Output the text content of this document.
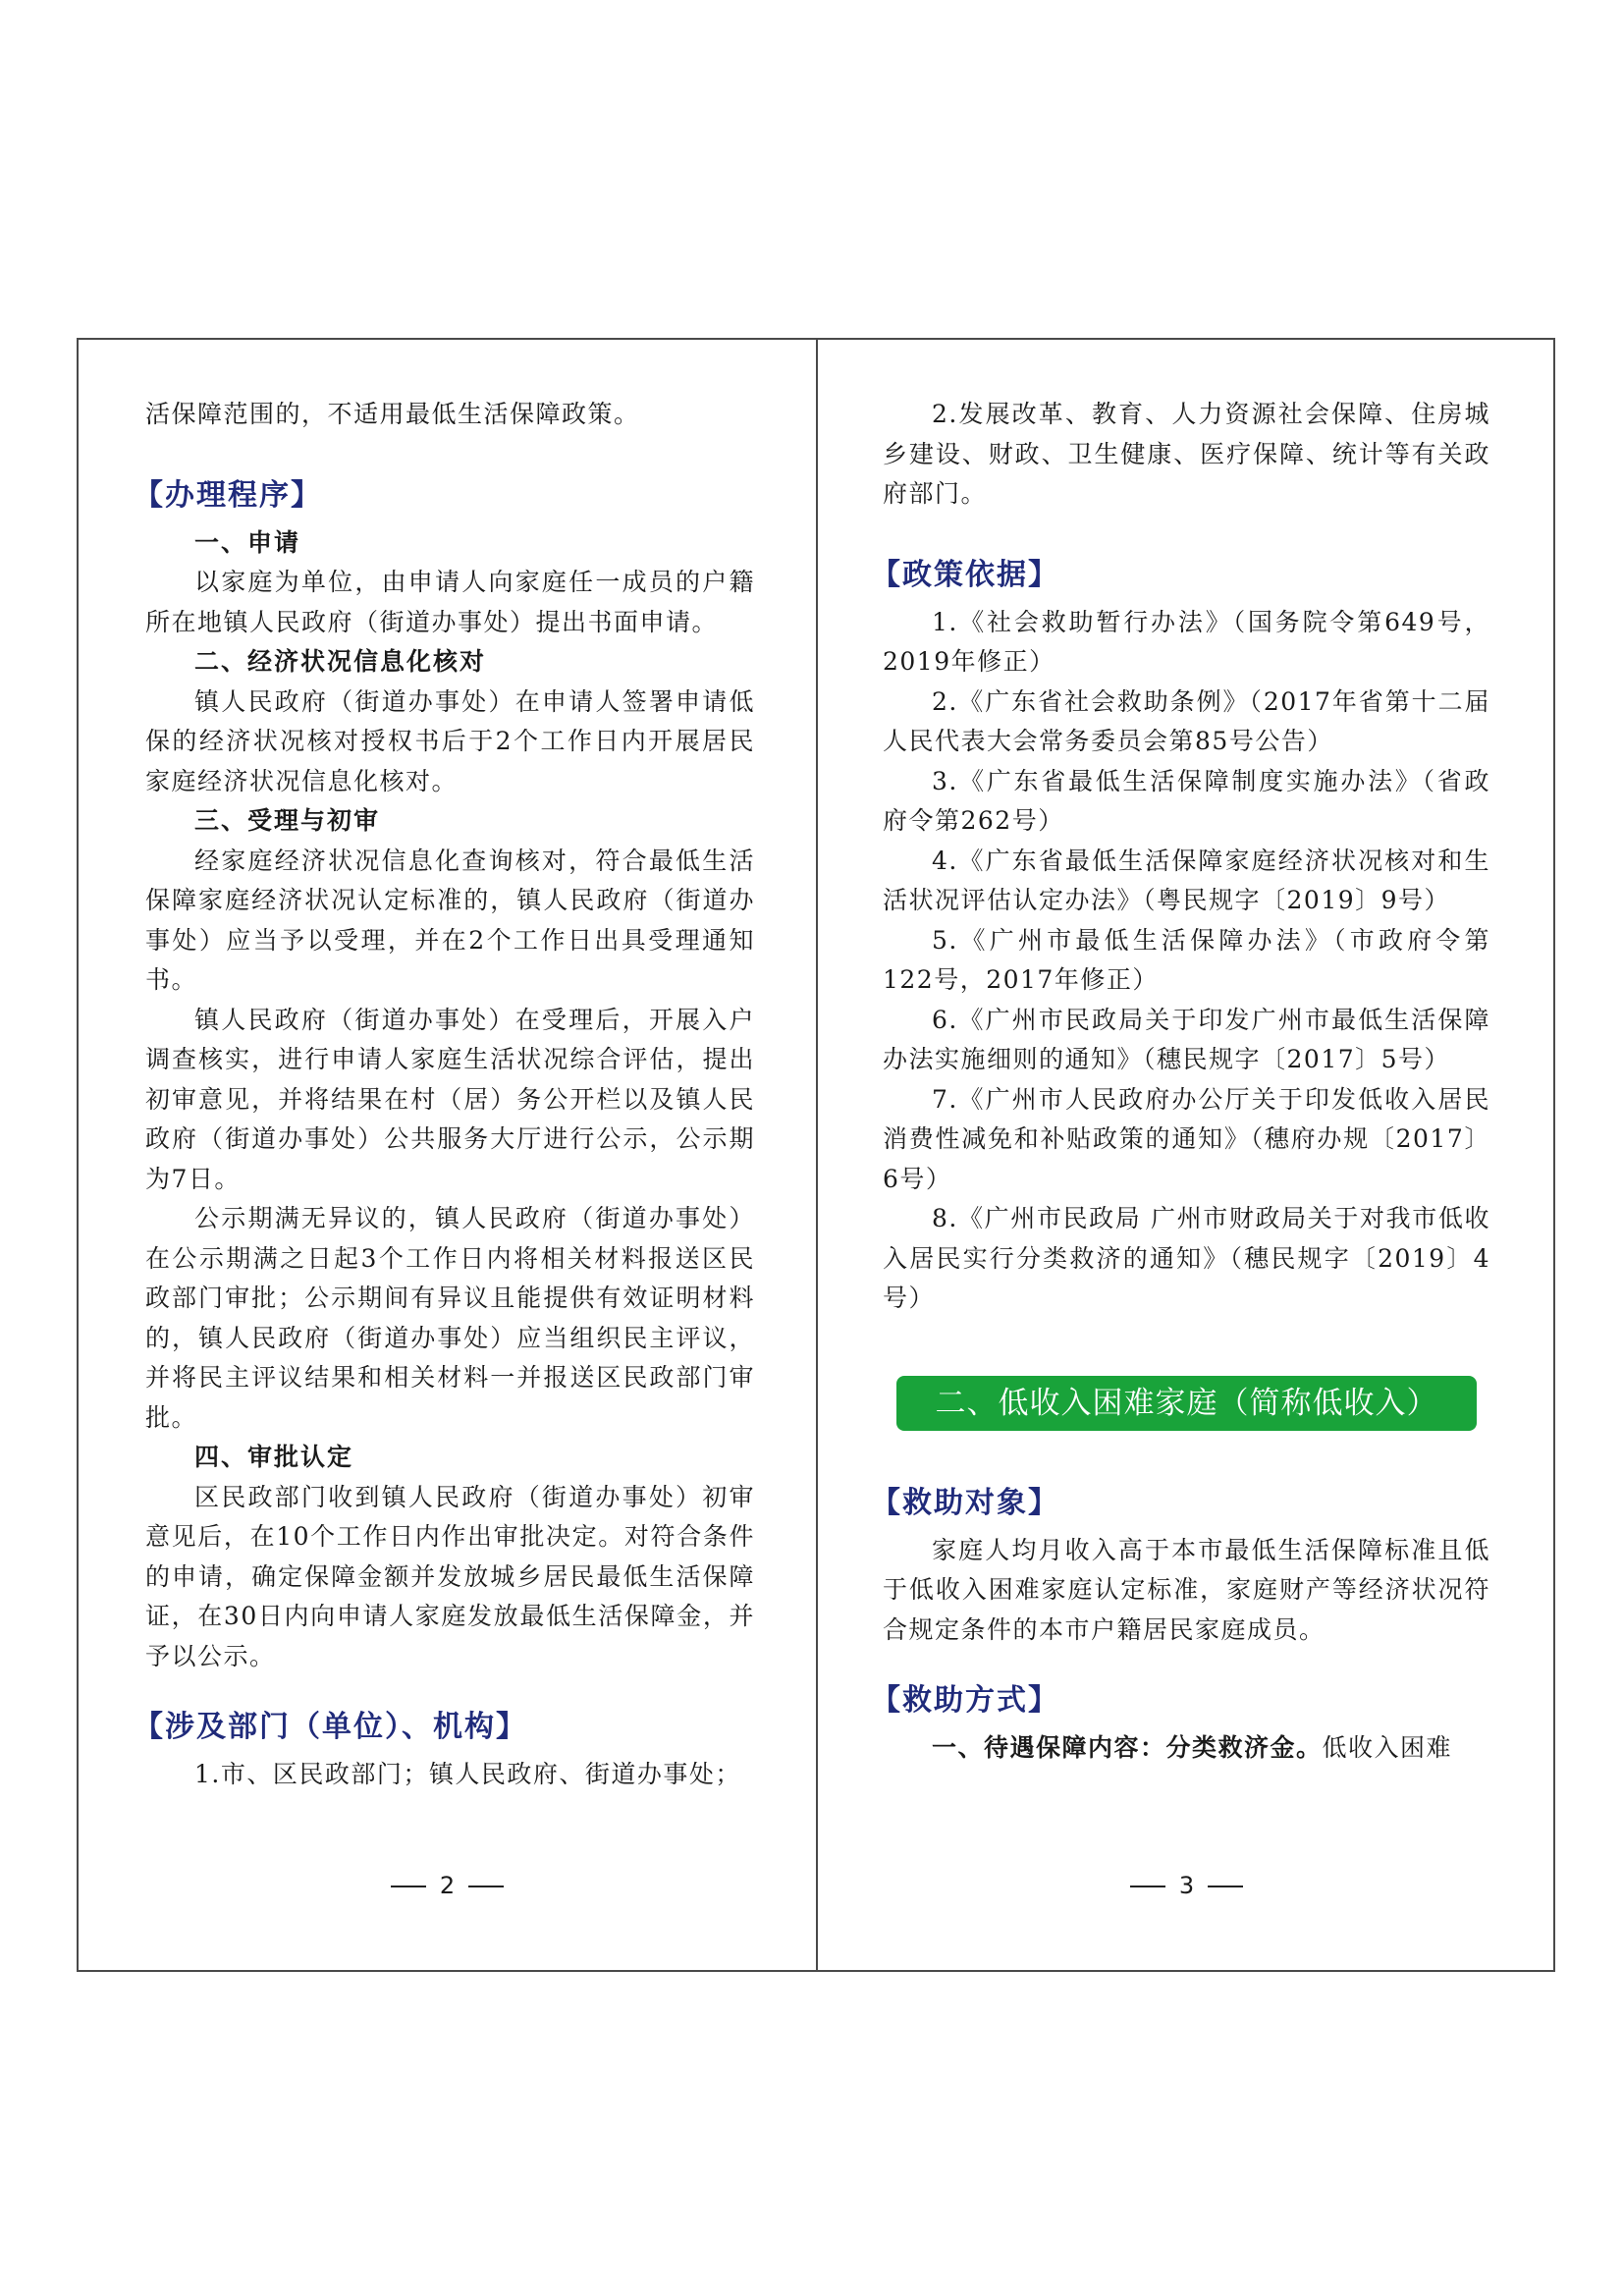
活保障范围的，不适用最低生活保障政策。

【办理程序】

一、申请

以家庭为单位，由申请人向家庭任一成员的户籍所在地镇人民政府（街道办事处）提出书面申请。

二、经济状况信息化核对

镇人民政府（街道办事处）在申请人签署申请低保的经济状况核对授权书后于2个工作日内开展居民家庭经济状况信息化核对。

三、受理与初审

经家庭经济状况信息化查询核对，符合最低生活保障家庭经济状况认定标准的，镇人民政府（街道办事处）应当予以受理，并在2个工作日出具受理通知书。

镇人民政府（街道办事处）在受理后，开展入户调查核实，进行申请人家庭生活状况综合评估，提出初审意见，并将结果在村（居）务公开栏以及镇人民政府（街道办事处）公共服务大厅进行公示，公示期为7日。

公示期满无异议的，镇人民政府（街道办事处）在公示期满之日起3个工作日内将相关材料报送区民政部门审批；公示期间有异议且能提供有效证明材料的，镇人民政府（街道办事处）应当组织民主评议，并将民主评议结果和相关材料一并报送区民政部门审批。

四、审批认定

区民政部门收到镇人民政府（街道办事处）初审意见后，在10个工作日内作出审批决定。对符合条件的申请，确定保障金额并发放城乡居民最低生活保障证，在30日内向申请人家庭发放最低生活保障金，并予以公示。

【涉及部门（单位）、机构】

1.市、区民政部门；镇人民政府、街道办事处；

2

2.发展改革、教育、人力资源社会保障、住房城乡建设、财政、卫生健康、医疗保障、统计等有关政府部门。

【政策依据】

1.《社会救助暂行办法》（国务院令第649号，2019年修正）

2.《广东省社会救助条例》（2017年省第十二届人民代表大会常务委员会第85号公告）

3.《广东省最低生活保障制度实施办法》（省政府令第262号）

4.《广东省最低生活保障家庭经济状况核对和生活状况评估认定办法》（粤民规字〔2019〕9号）

5.《广州市最低生活保障办法》（市政府令第122号，2017年修正）

6.《广州市民政局关于印发广州市最低生活保障办法实施细则的通知》（穗民规字〔2017〕5号）

7.《广州市人民政府办公厅关于印发低收入居民消费性减免和补贴政策的通知》（穗府办规〔2017〕6号）

8.《广州市民政局 广州市财政局关于对我市低收入居民实行分类救济的通知》（穗民规字〔2019〕4号）

二、低收入困难家庭（简称低收入）
【救助对象】

家庭人均月收入高于本市最低生活保障标准且低于低收入困难家庭认定标准，家庭财产等经济状况符合规定条件的本市户籍居民家庭成员。

【救助方式】

一、待遇保障内容：分类救济金。低收入困难

3
